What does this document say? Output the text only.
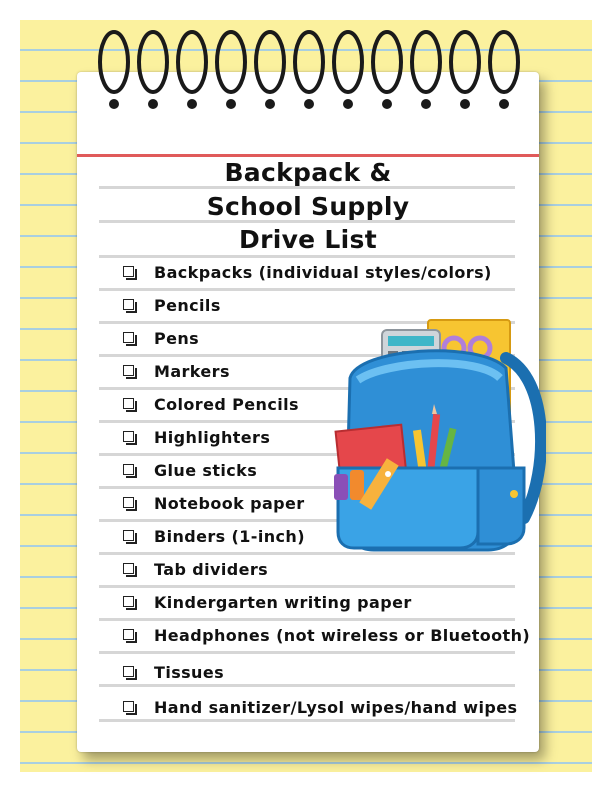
Backpack &
School Supply
Drive List
Backpacks (individual styles/colors)
Pencils
Pens
Markers
Colored Pencils
Highlighters
Glue sticks
Notebook paper
Binders (1-inch)
Tab dividers
Kindergarten writing paper
Headphones (not wireless or Bluetooth)
Tissues
Hand sanitizer/Lysol wipes/hand wipes
